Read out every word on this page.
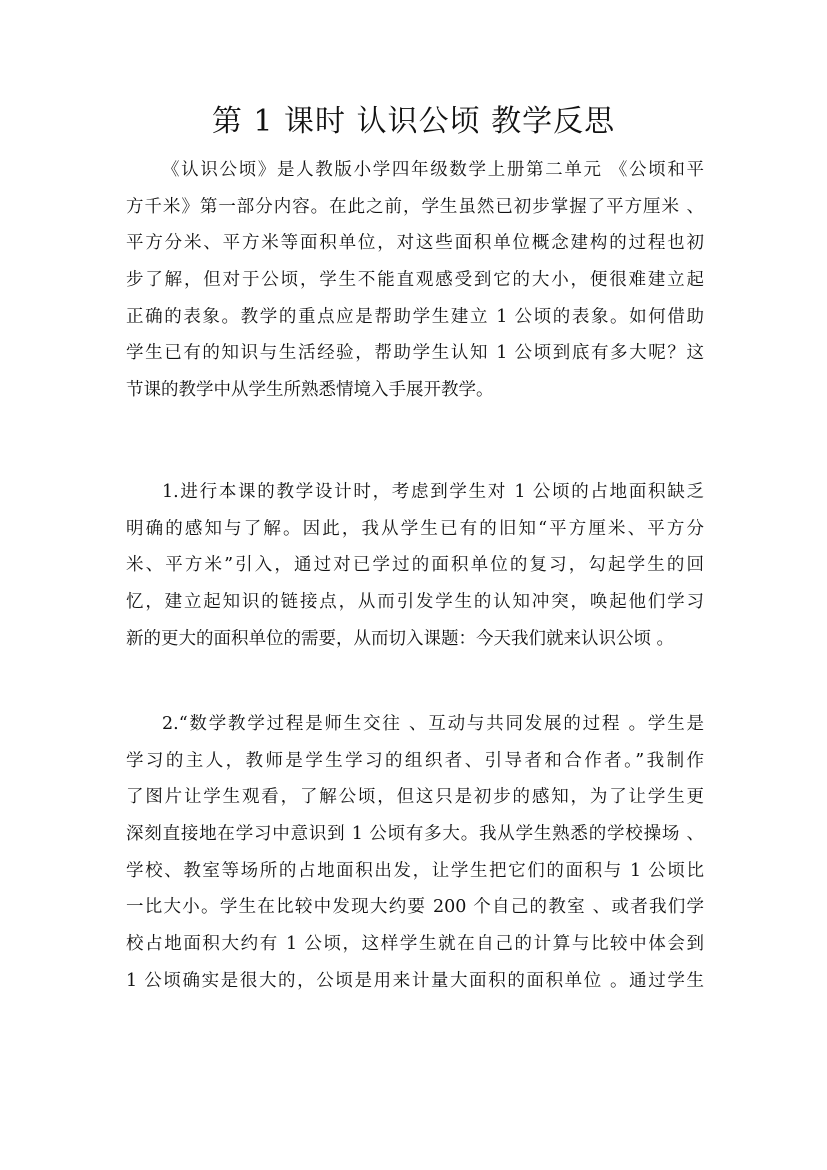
第 1 课时 认识公顷 教学反思

《认识公顷》是人教版小学四年级数学上册第二单元 《公顷和平
方千米》第一部分内容。在此之前，学生虽然已初步掌握了平方厘米 、
平方分米、平方米等面积单位，对这些面积单位概念建构的过程也初
步了解，但对于公顷，学生不能直观感受到它的大小，便很难建立起
正确的表象。教学的重点应是帮助学生建立 1 公顷的表象。如何借助
学生已有的知识与生活经验，帮助学生认知 1 公顷到底有多大呢？这
节课的教学中从学生所熟悉情境入手展开教学。

1.进行本课的教学设计时，考虑到学生对 1 公顷的占地面积缺乏
明确的感知与了解。因此，我从学生已有的旧知“平方厘米、平方分
米、平方米”引入，通过对已学过的面积单位的复习，勾起学生的回
忆，建立起知识的链接点，从而引发学生的认知冲突，唤起他们学习
新的更大的面积单位的需要，从而切入课题：今天我们就来认识公顷 。

2.“数学教学过程是师生交往 、互动与共同发展的过程 。学生是
学习的主人，教师是学生学习的组织者、引导者和合作者。”我制作
了图片让学生观看，了解公顷，但这只是初步的感知，为了让学生更
深刻直接地在学习中意识到 1 公顷有多大。我从学生熟悉的学校操场 、
学校、教室等场所的占地面积出发，让学生把它们的面积与 1 公顷比
一比大小。学生在比较中发现大约要 200 个自己的教室 、或者我们学
校占地面积大约有 1 公顷，这样学生就在自己的计算与比较中体会到
1 公顷确实是很大的，公顷是用来计量大面积的面积单位 。通过学生
